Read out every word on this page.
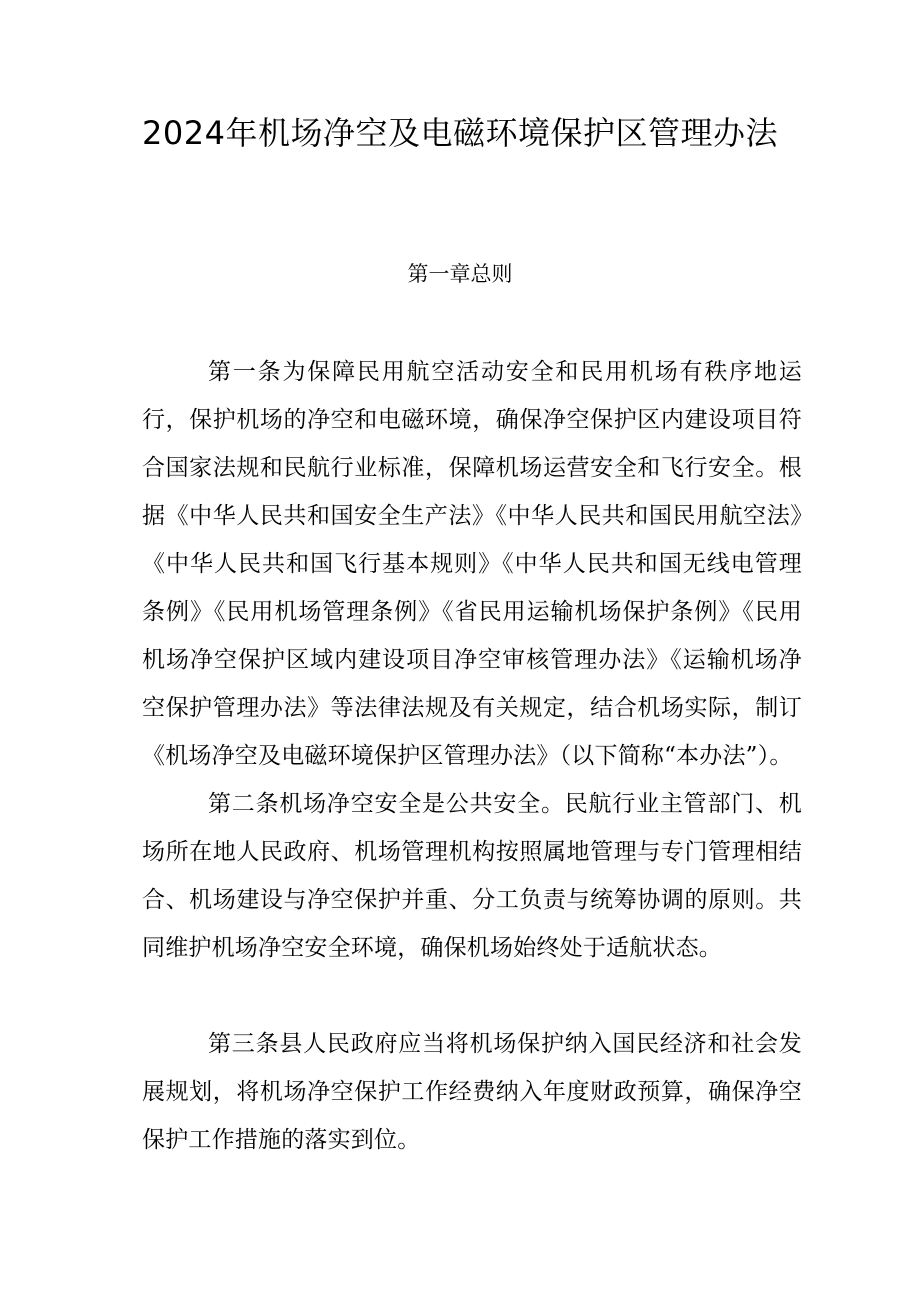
2024年机场净空及电磁环境保护区管理办法
第一章总则

第一条为保障民用航空活动安全和民用机场有秩序地运行，保护机场的净空和电磁环境，确保净空保护区内建设项目符合国家法规和民航行业标准，保障机场运营安全和飞行安全。根据《中华人民共和国安全生产法》《中华人民共和国民用航空法》《中华人民共和国飞行基本规则》《中华人民共和国无线电管理条例》《民用机场管理条例》《省民用运输机场保护条例》《民用机场净空保护区域内建设项目净空审核管理办法》《运输机场净空保护管理办法》等法律法规及有关规定，结合机场实际，制订《机场净空及电磁环境保护区管理办法》（以下简称“本办法”）。

第二条机场净空安全是公共安全。民航行业主管部门、机场所在地人民政府、机场管理机构按照属地管理与专门管理相结合、机场建设与净空保护并重、分工负责与统筹协调的原则。共同维护机场净空安全环境，确保机场始终处于适航状态。

第三条县人民政府应当将机场保护纳入国民经济和社会发展规划，将机场净空保护工作经费纳入年度财政预算，确保净空保护工作措施的落实到位。
